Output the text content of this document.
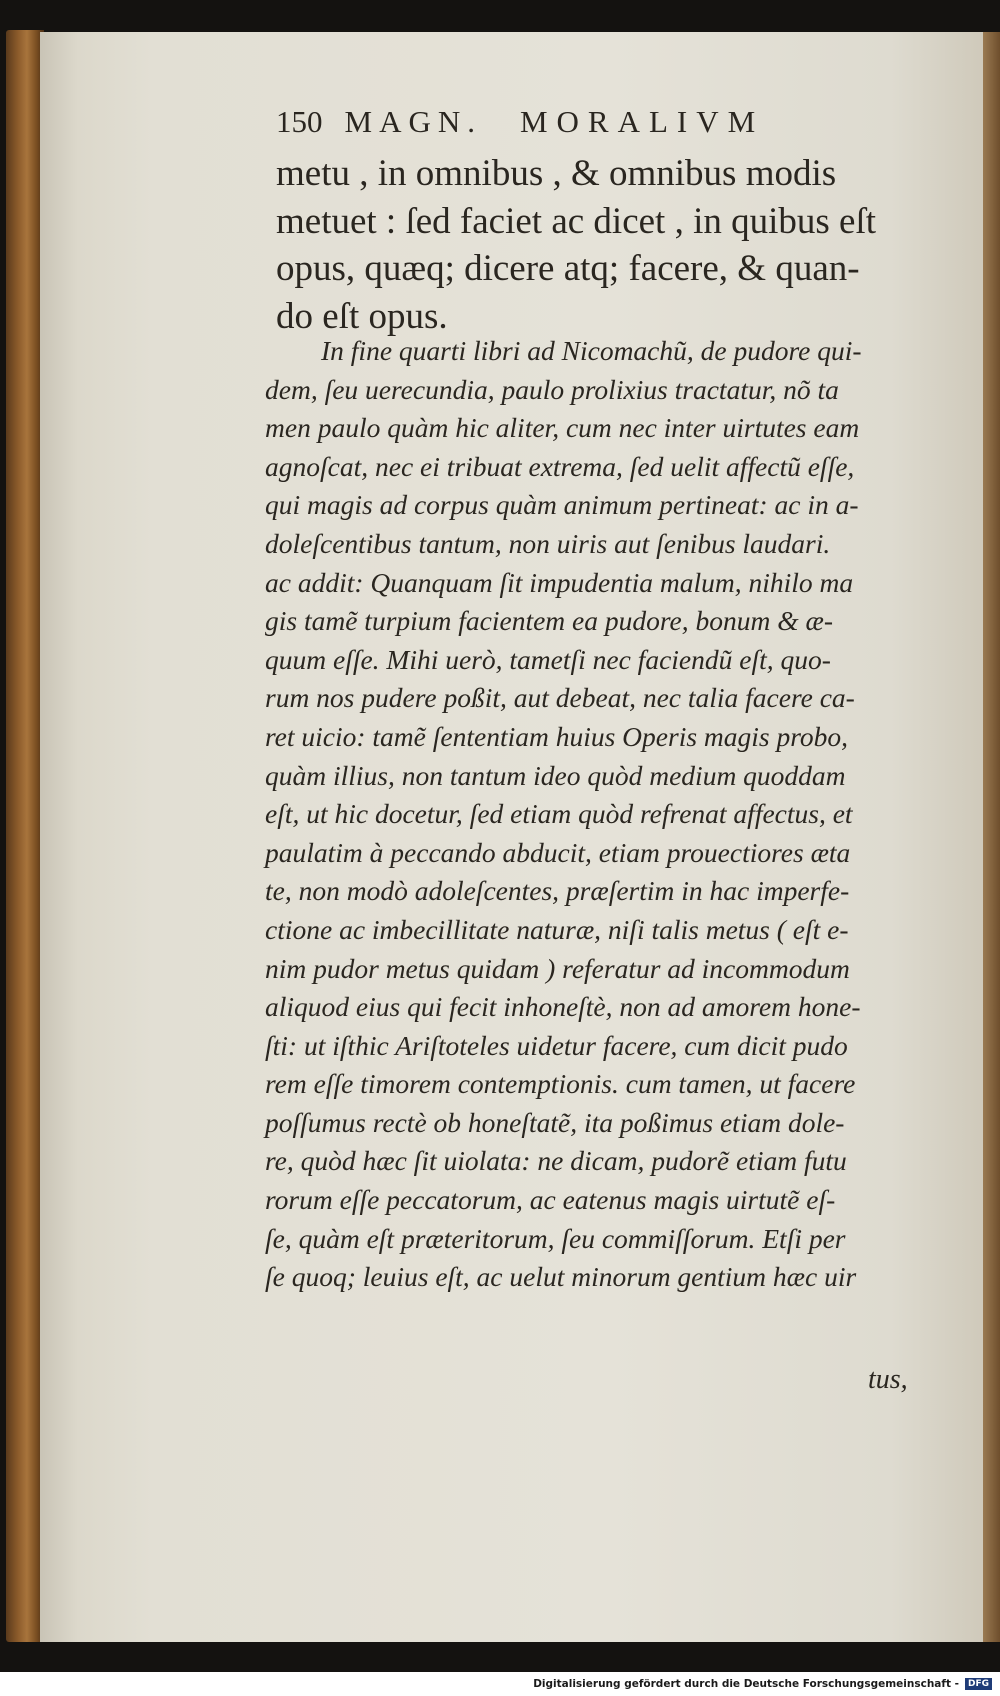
150 MAGN. MORALIVM
metu , in omnibus , & omnibus modis
metuet : ſed faciet ac dicet , in quibus eſt
opus, quæq; dicere atq; facere, & quan-
do eſt opus.
In fine quarti libri ad Nicomachũ, de pudore qui-
dem, ſeu uerecundia, paulo prolixius tractatur, nõ ta
men paulo quàm hic aliter, cum nec inter uirtutes eam
agnoſcat, nec ei tribuat extrema, ſed uelit affectũ eſſe,
qui magis ad corpus quàm animum pertineat: ac in a-
doleſcentibus tantum, non uiris aut ſenibus laudari.
ac addit: Quanquam ſit impudentia malum, nihilo ma
gis tamẽ turpium facientem ea pudore, bonum & æ-
quum eſſe. Mihi uerò, tametſi nec faciendũ eſt, quo-
rum nos pudere poßit, aut debeat, nec talia facere ca-
ret uicio: tamẽ ſententiam huius Operis magis probo,
quàm illius, non tantum ideo quòd medium quoddam
eſt, ut hic docetur, ſed etiam quòd refrenat affectus, et
paulatim à peccando abducit, etiam prouectiores æta
te, non modò adoleſcentes, præſertim in hac imperfe-
ctione ac imbecillitate naturæ, niſi talis metus ( eſt e-
nim pudor metus quidam ) referatur ad incommodum
aliquod eius qui fecit inhoneſtè, non ad amorem hone-
ſti: ut iſthic Ariſtoteles uidetur facere, cum dicit pudo
rem eſſe timorem contemptionis. cum tamen, ut facere
poſſumus rectè ob honeſtatẽ, ita poßimus etiam dole-
re, quòd hæc ſit uiolata: ne dicam, pudorẽ etiam futu
rorum eſſe peccatorum, ac eatenus magis uirtutẽ eſ-
ſe, quàm eſt præteritorum, ſeu commiſſorum. Etſi per
ſe quoq; leuius eſt, ac uelut minorum gentium hæc uir
tus,
Digitalisierung gefördert durch die Deutsche Forschungsgemeinschaft -	DFG
